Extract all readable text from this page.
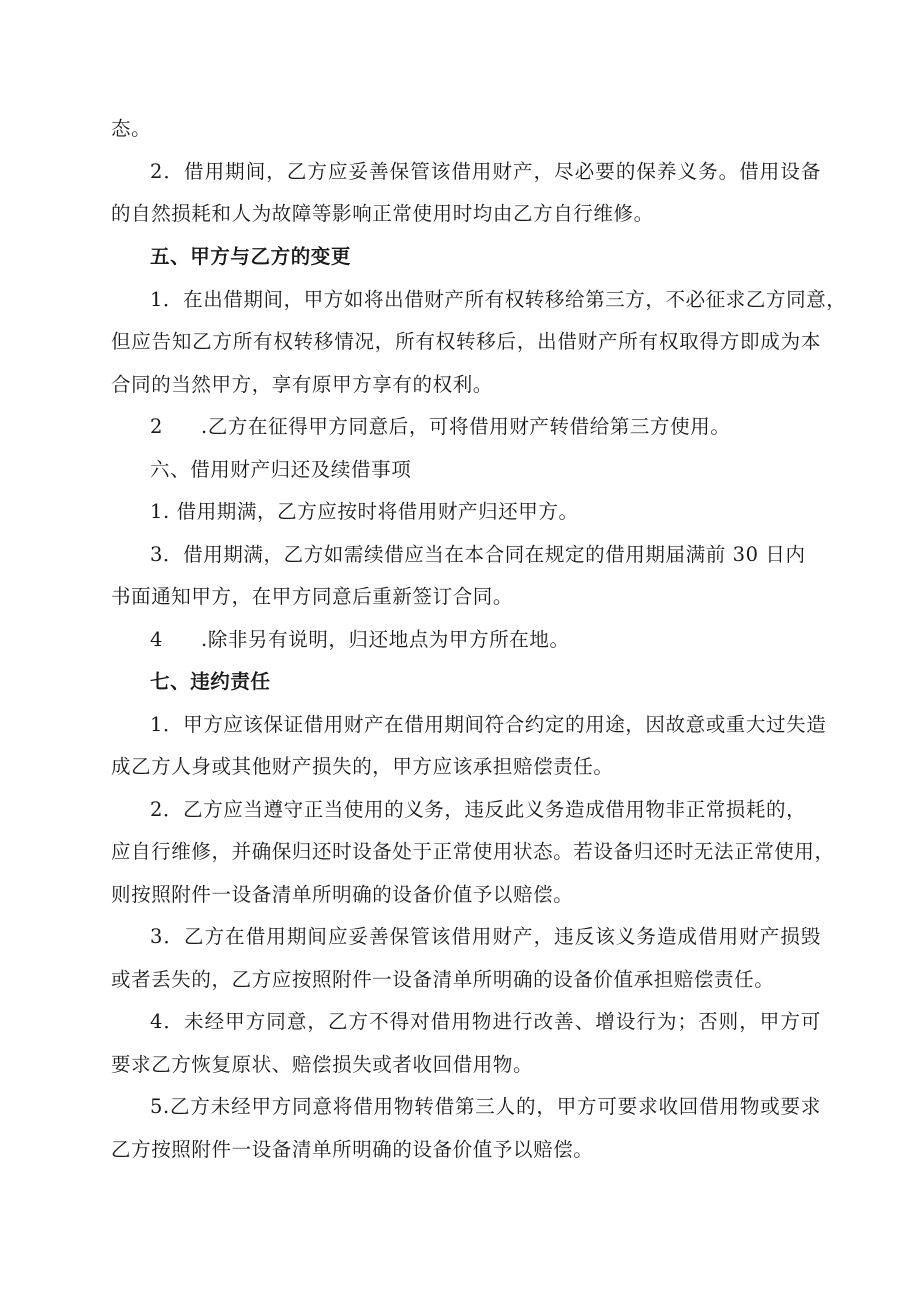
态。
2．借用期间，乙方应妥善保管该借用财产，尽必要的保养义务。借用设备
的自然损耗和人为故障等影响正常使用时均由乙方自行维修。
五、甲方与乙方的变更
1．在出借期间，甲方如将出借财产所有权转移给第三方，不必征求乙方同意，
但应告知乙方所有权转移情况，所有权转移后，出借财产所有权取得方即成为本
合同的当然甲方，享有原甲方享有的权利。
2 .乙方在征得甲方同意后，可将借用财产转借给第三方使用。
六、借用财产归还及续借事项
1. 借用期满，乙方应按时将借用财产归还甲方。
3．借用期满，乙方如需续借应当在本合同在规定的借用期届满前 30 日内
书面通知甲方，在甲方同意后重新签订合同。
4 .除非另有说明，归还地点为甲方所在地。
七、违约责任
1．甲方应该保证借用财产在借用期间符合约定的用途，因故意或重大过失造
成乙方人身或其他财产损失的，甲方应该承担赔偿责任。
2．乙方应当遵守正当使用的义务，违反此义务造成借用物非正常损耗的，
应自行维修，并确保归还时设备处于正常使用状态。若设备归还时无法正常使用，
则按照附件一设备清单所明确的设备价值予以赔偿。
3．乙方在借用期间应妥善保管该借用财产，违反该义务造成借用财产损毁
或者丢失的，乙方应按照附件一设备清单所明确的设备价值承担赔偿责任。
4．未经甲方同意，乙方不得对借用物进行改善、增设行为；否则，甲方可
要求乙方恢复原状、赔偿损失或者收回借用物。
5.乙方未经甲方同意将借用物转借第三人的，甲方可要求收回借用物或要求
乙方按照附件一设备清单所明确的设备价值予以赔偿。
